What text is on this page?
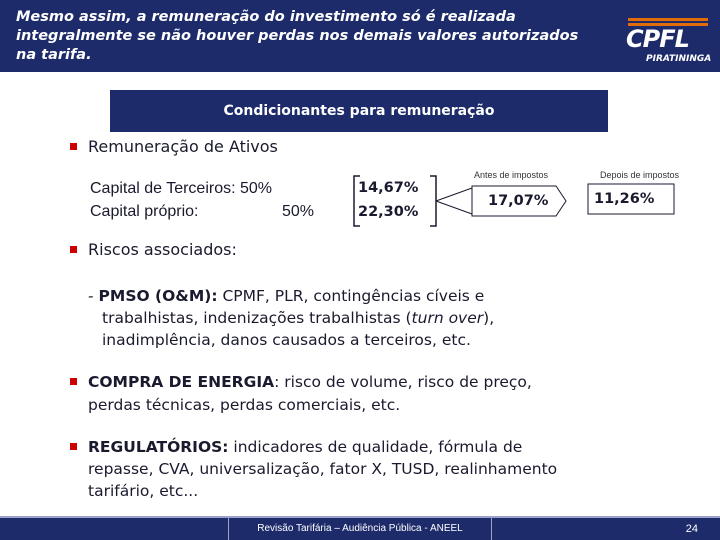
Mesmo assim, a remuneração do investimento só é realizada integralmente se não houver perdas nos demais valores autorizados na tarifa.
CPFL
PIRATININGA
Condicionantes para remuneração
Remuneração de Ativos
Capital de Terceiros: 50%
Capital próprio:	50%
14,67%
22,30%
Antes de impostos
17,07%
Depois de impostos
11,26%
Riscos associados:
- PMSO (O&M): CPMF, PLR, contingências cíveis e
trabalhistas, indenizações trabalhistas (turn over),
inadimplência, danos causados a terceiros, etc.
COMPRA DE ENERGIA: risco de volume, risco de preço,
perdas técnicas, perdas comerciais, etc.
REGULATÓRIOS: indicadores de qualidade, fórmula de
repasse, CVA, universalização, fator X, TUSD, realinhamento
tarifário, etc...
Revisão Tarifária – Audiência Pública - ANEEL	24
